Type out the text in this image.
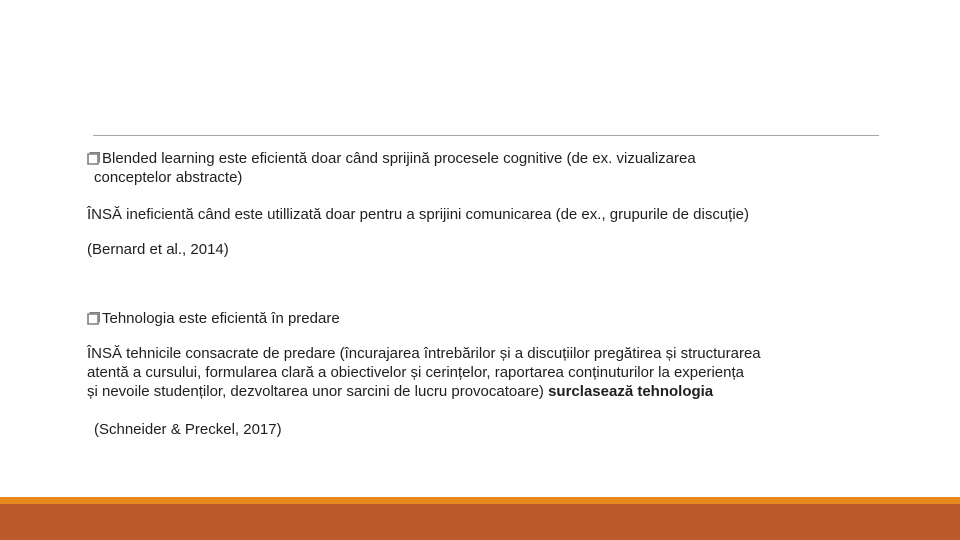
Blended learning este eficientă doar când sprijină procesele cognitive (de ex. vizualizarea
conceptelor abstracte)
ÎNSĂ ineficientă când este utillizată doar pentru a sprijini comunicarea (de ex., grupurile de discuție)
(Bernard et al., 2014)
Tehnologia este eficientă în predare
ÎNSĂ tehnicile consacrate de predare (încurajarea întrebărilor și a discuțiilor pregătirea și structurarea
atentă a cursului, formularea clară a obiectivelor și cerințelor, raportarea conținuturilor la experiența
și nevoile studenților, dezvoltarea unor sarcini de lucru provocatoare) surclasează tehnologia
(Schneider & Preckel, 2017)
